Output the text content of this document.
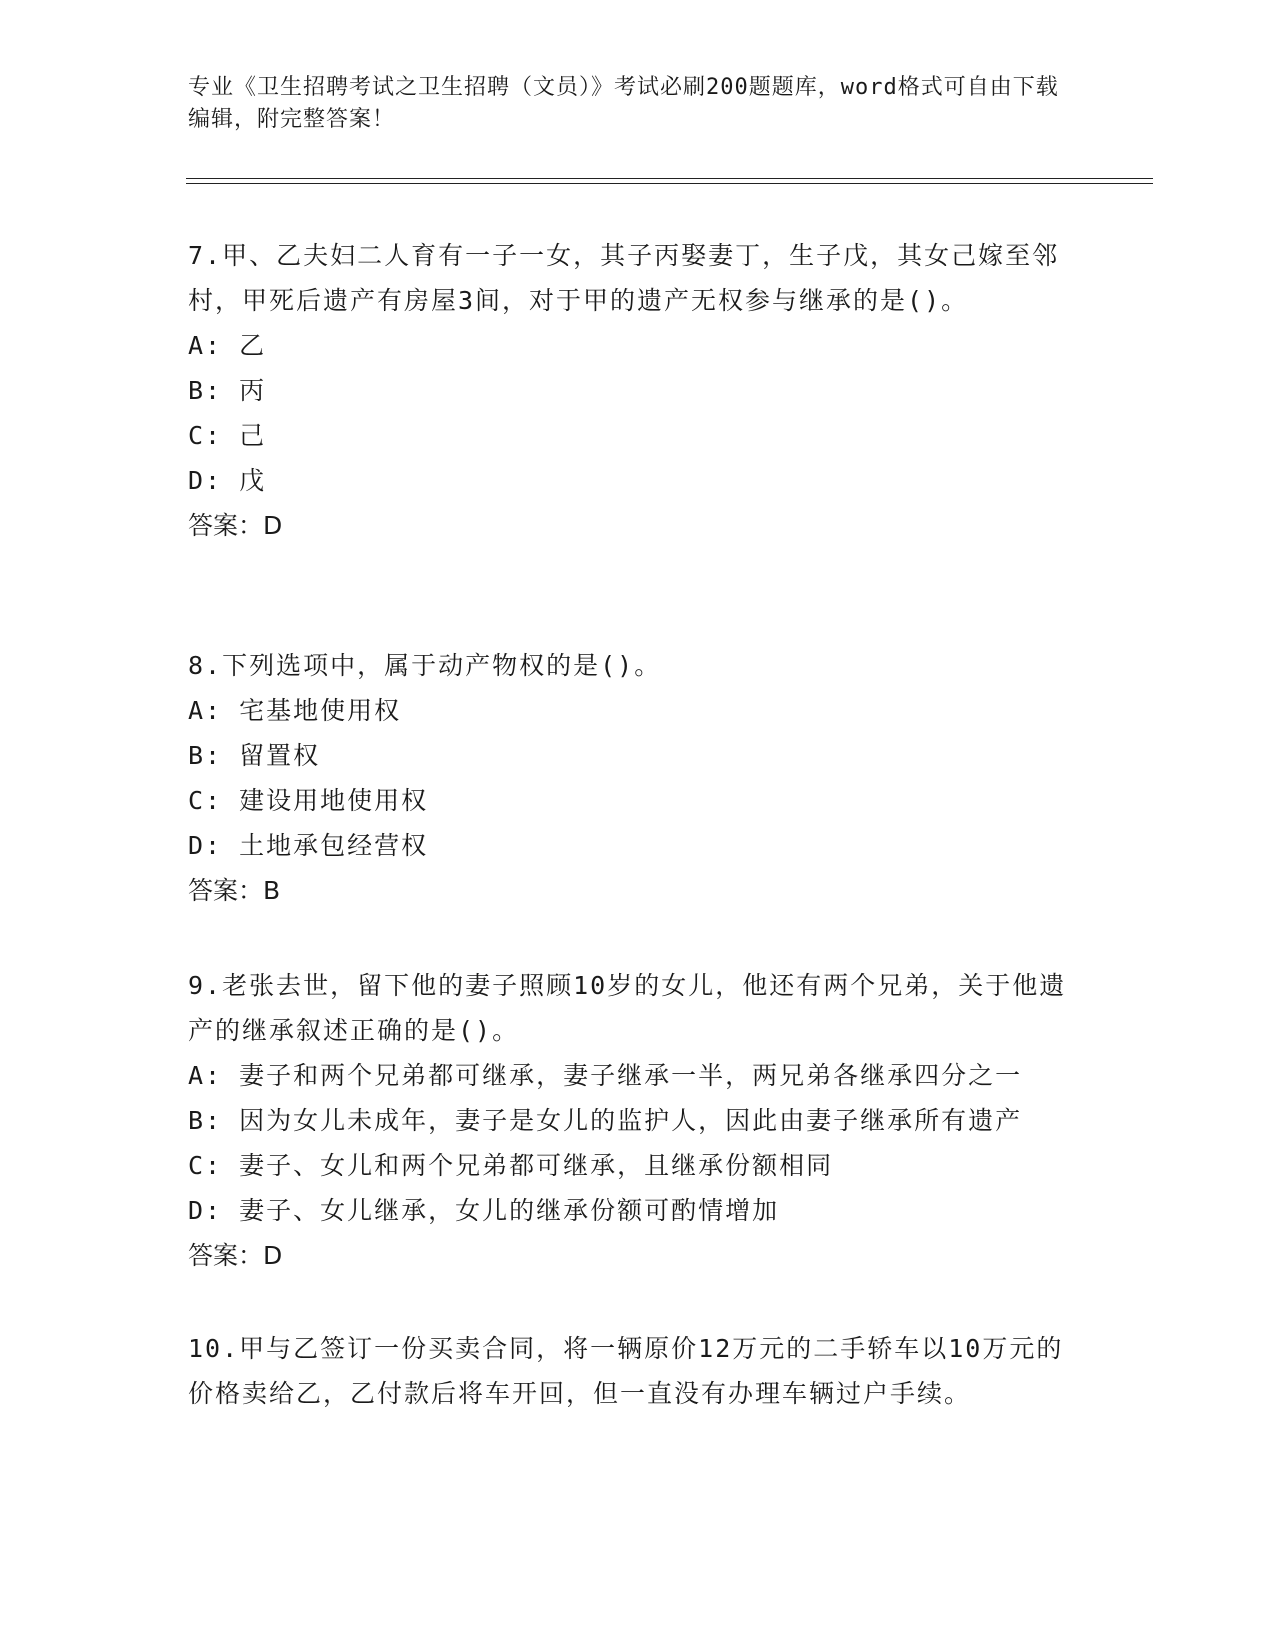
专业《卫生招聘考试之卫生招聘（文员）》考试必刷200题题库，word格式可自由下载编辑，附完整答案！
7.甲、乙夫妇二人育有一子一女，其子丙娶妻丁，生子戊，其女己嫁至邻村，甲死后遗产有房屋3间，对于甲的遗产无权参与继承的是()。
A: 乙
B: 丙
C: 己
D: 戊
答案：D
8.下列选项中，属于动产物权的是()。
A: 宅基地使用权
B: 留置权
C: 建设用地使用权
D: 土地承包经营权
答案：B
9.老张去世，留下他的妻子照顾10岁的女儿，他还有两个兄弟，关于他遗产的继承叙述正确的是()。
A: 妻子和两个兄弟都可继承，妻子继承一半，两兄弟各继承四分之一
B: 因为女儿未成年，妻子是女儿的监护人，因此由妻子继承所有遗产
C: 妻子、女儿和两个兄弟都可继承，且继承份额相同
D: 妻子、女儿继承，女儿的继承份额可酌情增加
答案：D
10.甲与乙签订一份买卖合同，将一辆原价12万元的二手轿车以10万元的价格卖给乙，乙付款后将车开回，但一直没有办理车辆过户手续。
